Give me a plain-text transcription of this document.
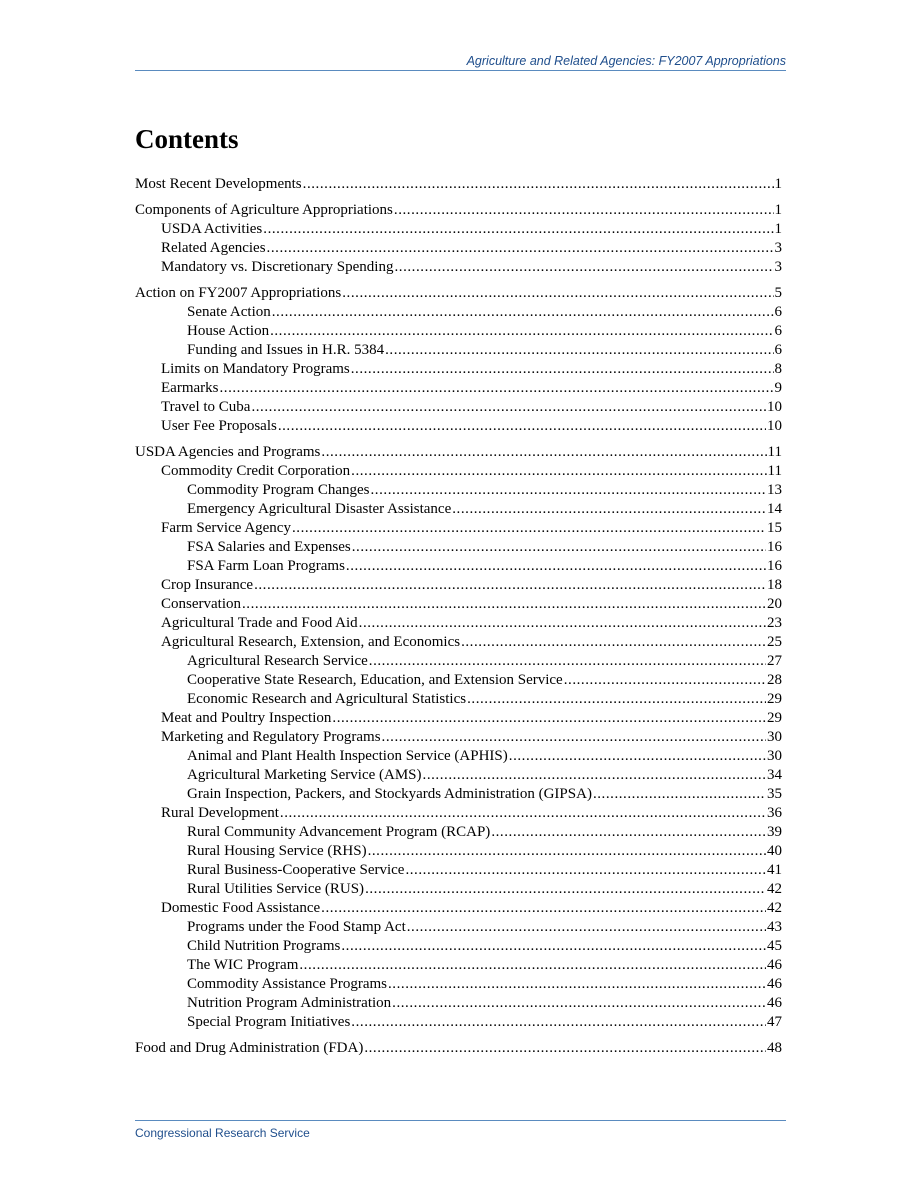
Agriculture and Related Agencies: FY2007 Appropriations
Contents
Most Recent Developments . . .	1
Components of Agriculture Appropriations . . .	1
USDA Activities . . .	1
Related Agencies . . .	3
Mandatory vs. Discretionary Spending . . .	3
Action on FY2007 Appropriations . . .	5
Senate Action . . .	6
House Action . . .	6
Funding and Issues in H.R. 5384 . . .	6
Limits on Mandatory Programs . . .	8
Earmarks . . .	9
Travel to Cuba . . .	10
User Fee Proposals . . .	10
USDA Agencies and Programs . . .	11
Commodity Credit Corporation . . .	11
Commodity Program Changes . . .	13
Emergency Agricultural Disaster Assistance . . .	14
Farm Service Agency . . .	15
FSA Salaries and Expenses . . .	16
FSA Farm Loan Programs . . .	16
Crop Insurance . . .	18
Conservation . . .	20
Agricultural Trade and Food Aid . . .	23
Agricultural Research, Extension, and Economics . . .	25
Agricultural Research Service . . .	27
Cooperative State Research, Education, and Extension Service . . .	28
Economic Research and Agricultural Statistics . . .	29
Meat and Poultry Inspection . . .	29
Marketing and Regulatory Programs . . .	30
Animal and Plant Health Inspection Service (APHIS) . . .	30
Agricultural Marketing Service (AMS) . . .	34
Grain Inspection, Packers, and Stockyards Administration (GIPSA) . . .	35
Rural Development . . .	36
Rural Community Advancement Program (RCAP) . . .	39
Rural Housing Service (RHS) . . .	40
Rural Business-Cooperative Service . . .	41
Rural Utilities Service (RUS) . . .	42
Domestic Food Assistance . . .	42
Programs under the Food Stamp Act . . .	43
Child Nutrition Programs . . .	45
The WIC Program . . .	46
Commodity Assistance Programs . . .	46
Nutrition Program Administration . . .	46
Special Program Initiatives . . .	47
Food and Drug Administration (FDA) . . .	48
Congressional Research Service
